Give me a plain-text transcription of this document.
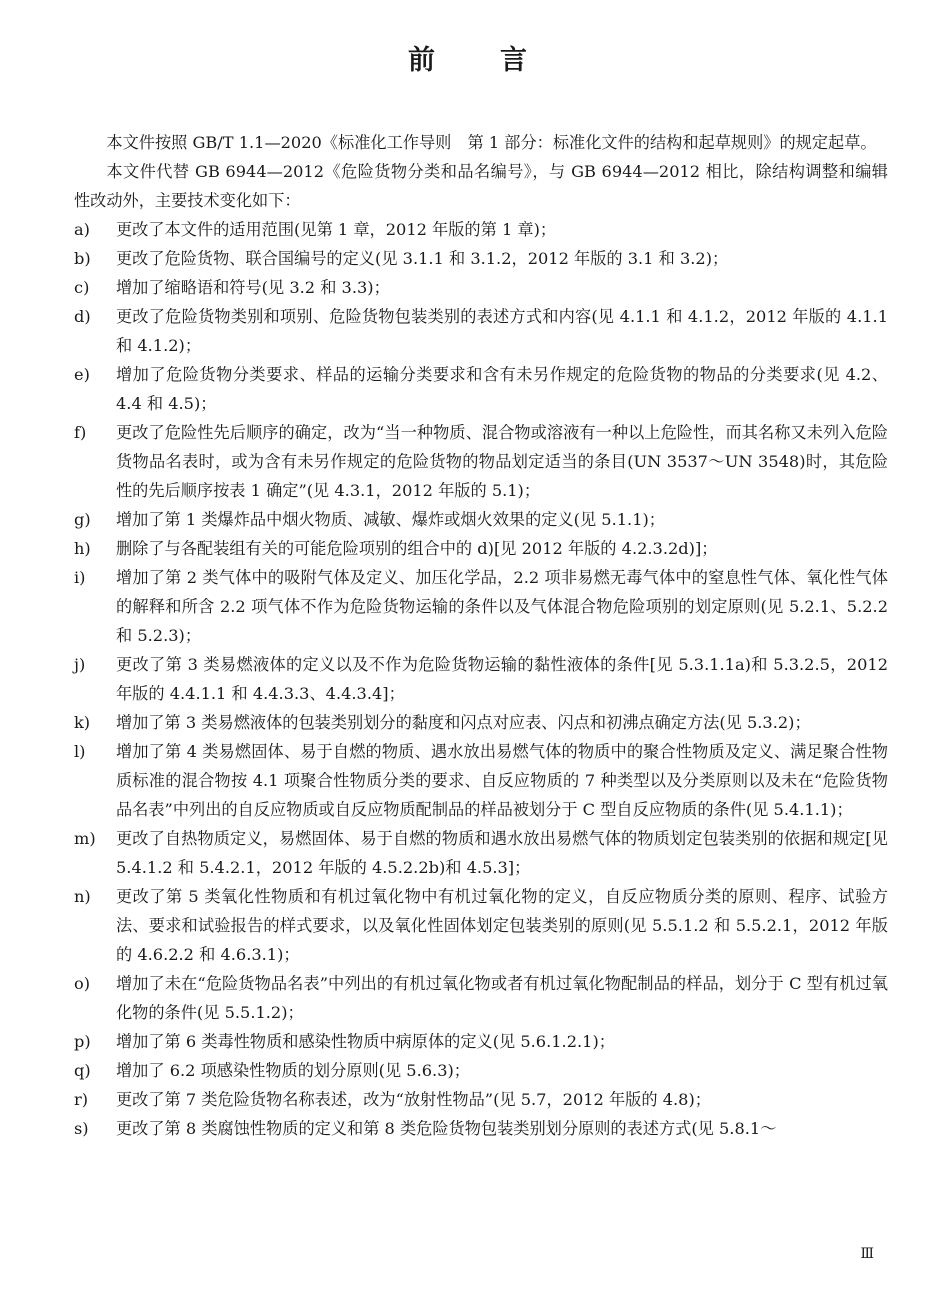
前 言

本文件按照 GB/T 1.1—2020《标准化工作导则　第 1 部分：标准化文件的结构和起草规则》的规定起草。

本文件代替 GB 6944—2012《危险货物分类和品名编号》，与 GB 6944—2012 相比，除结构调整和编辑性改动外，主要技术变化如下：

a)	更改了本文件的适用范围(见第 1 章，2012 年版的第 1 章)；
b)	更改了危险货物、联合国编号的定义(见 3.1.1 和 3.1.2，2012 年版的 3.1 和 3.2)；
c)	增加了缩略语和符号(见 3.2 和 3.3)；
d)	更改了危险货物类别和项别、危险货物包装类别的表述方式和内容(见 4.1.1 和 4.1.2，2012 年版的 4.1.1 和 4.1.2)；
e)	增加了危险货物分类要求、样品的运输分类要求和含有未另作规定的危险货物的物品的分类要求(见 4.2、4.4 和 4.5)；
f)	更改了危险性先后顺序的确定，改为“当一种物质、混合物或溶液有一种以上危险性，而其名称又未列入危险货物品名表时，或为含有未另作规定的危险货物的物品划定适当的条目(UN 3537～UN 3548)时，其危险性的先后顺序按表 1 确定”(见 4.3.1，2012 年版的 5.1)；
g)	增加了第 1 类爆炸品中烟火物质、减敏、爆炸或烟火效果的定义(见 5.1.1)；
h)	删除了与各配装组有关的可能危险项别的组合中的 d)[见 2012 年版的 4.2.3.2d)]；
i)	增加了第 2 类气体中的吸附气体及定义、加压化学品，2.2 项非易燃无毒气体中的窒息性气体、氧化性气体的解释和所含 2.2 项气体不作为危险货物运输的条件以及气体混合物危险项别的划定原则(见 5.2.1、5.2.2 和 5.2.3)；
j)	更改了第 3 类易燃液体的定义以及不作为危险货物运输的黏性液体的条件[见 5.3.1.1a)和 5.3.2.5，2012 年版的 4.4.1.1 和 4.4.3.3、4.4.3.4]；
k)	增加了第 3 类易燃液体的包装类别划分的黏度和闪点对应表、闪点和初沸点确定方法(见 5.3.2)；
l)	增加了第 4 类易燃固体、易于自燃的物质、遇水放出易燃气体的物质中的聚合性物质及定义、满足聚合性物质标准的混合物按 4.1 项聚合性物质分类的要求、自反应物质的 7 种类型以及分类原则以及未在“危险货物品名表”中列出的自反应物质或自反应物质配制品的样品被划分于 C 型自反应物质的条件(见 5.4.1.1)；
m)	更改了自热物质定义，易燃固体、易于自燃的物质和遇水放出易燃气体的物质划定包装类别的依据和规定[见 5.4.1.2 和 5.4.2.1，2012 年版的 4.5.2.2b)和 4.5.3]；
n)	更改了第 5 类氧化性物质和有机过氧化物中有机过氧化物的定义，自反应物质分类的原则、程序、试验方法、要求和试验报告的样式要求，以及氧化性固体划定包装类别的原则(见 5.5.1.2 和 5.5.2.1，2012 年版的 4.6.2.2 和 4.6.3.1)；
o)	增加了未在“危险货物品名表”中列出的有机过氧化物或者有机过氧化物配制品的样品，划分于 C 型有机过氧化物的条件(见 5.5.1.2)；
p)	增加了第 6 类毒性物质和感染性物质中病原体的定义(见 5.6.1.2.1)；
q)	增加了 6.2 项感染性物质的划分原则(见 5.6.3)；
r)	更改了第 7 类危险货物名称表述，改为“放射性物品”(见 5.7，2012 年版的 4.8)；
s)	更改了第 8 类腐蚀性物质的定义和第 8 类危险货物包装类别划分原则的表述方式(见 5.8.1～
Ⅲ
